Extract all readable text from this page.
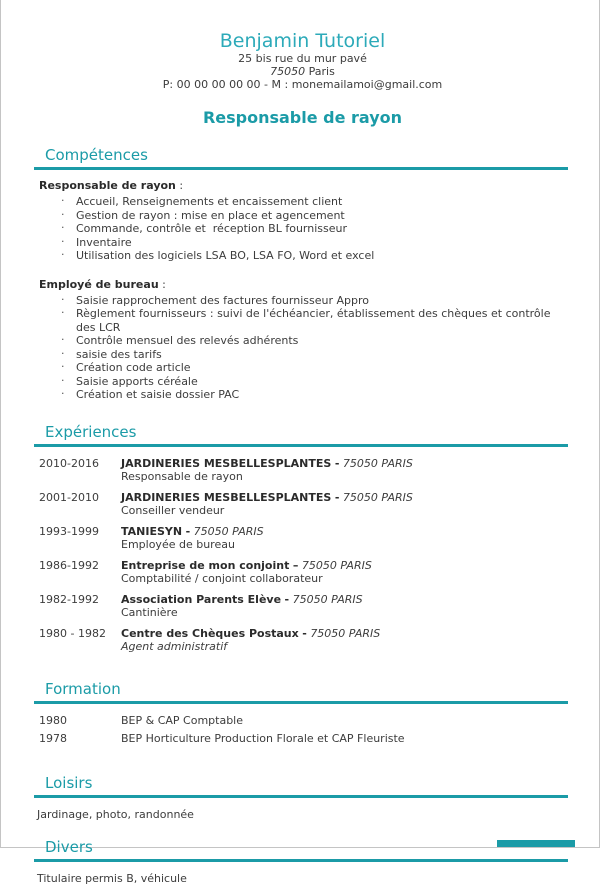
Benjamin Tutoriel
25 bis rue du mur pavé
75050 Paris
P: 00 00 00 00 00 - M : monemailamoi@gmail.com
Responsable de rayon
Compétences
Responsable de rayon :
· Accueil, Renseignements et encaissement client
· Gestion de rayon : mise en place et agencement
· Commande, contrôle et  réception BL fournisseur
· Inventaire
· Utilisation des logiciels LSA BO, LSA FO, Word et excel
Employé de bureau :
· Saisie rapprochement des factures fournisseur Appro
· Règlement fournisseurs : suivi de l'échéancier, établissement des chèques et contrôle des LCR
· Contrôle mensuel des relevés adhérents
· saisie des tarifs
· Création code article
· Saisie apports céréale
· Création et saisie dossier PAC
Expériences
2010-2016	JARDINERIES MESBELLESPLANTES - 75050 PARIS
Responsable de rayon
2001-2010	JARDINERIES MESBELLESPLANTES - 75050 PARIS
Conseiller vendeur
1993-1999	TANIESYN - 75050 PARIS
Employée de bureau
1986-1992	Entreprise de mon conjoint – 75050 PARIS
Comptabilité / conjoint collaborateur
1982-1992	Association Parents Elève - 75050 PARIS
Cantinière
1980 - 1982	Centre des Chèques Postaux - 75050 PARIS
Agent administratif
Formation
1980	BEP & CAP Comptable
1978	BEP Horticulture Production Florale et CAP Fleuriste
Loisirs
Jardinage, photo, randonnée
Divers
Titulaire permis B, véhicule
